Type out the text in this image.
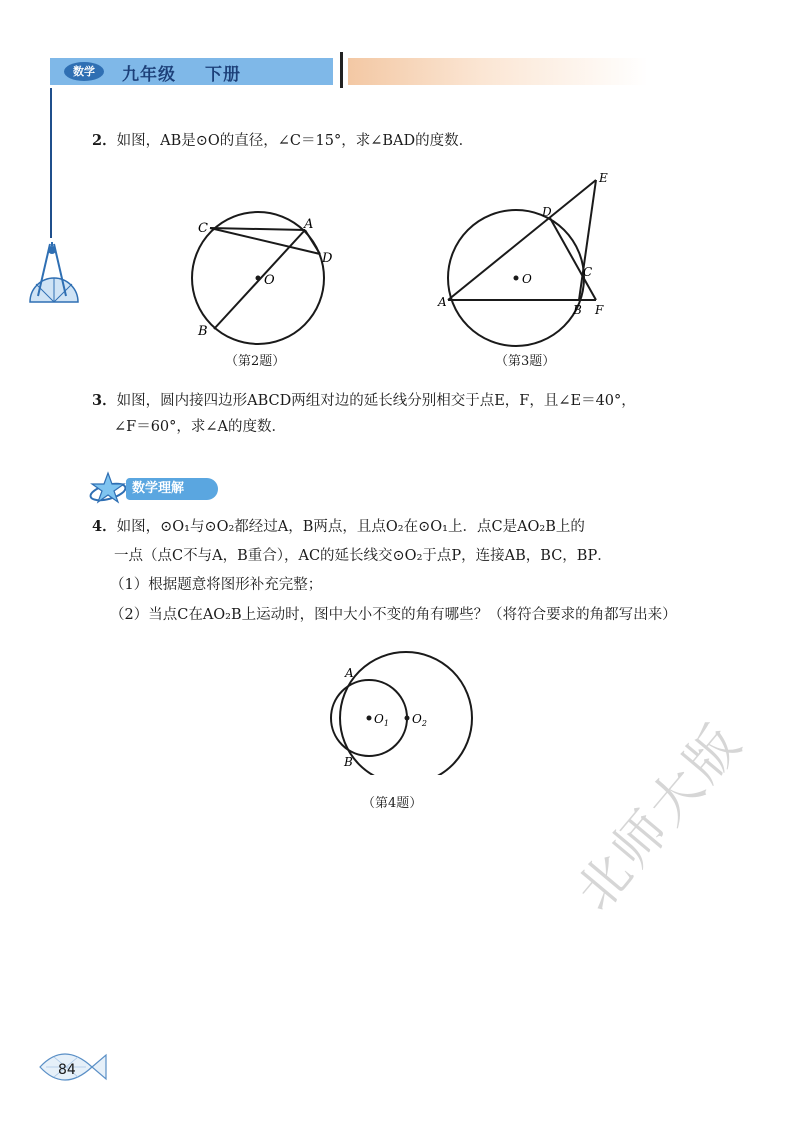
数学	九年级 下册
2．如图，AB是⊙O的直径，∠C＝15°，求∠BAD的度数．
C	A
D
O
B
（第2题）
E
D
O	C
A
B F
（第3题）
3．如图，圆内接四边形ABCD两组对边的延长线分别相交于点E，F，且∠E＝40°，
∠F＝60°，求∠A的度数．
数学理解
4．如图，⊙O₁与⊙O₂都经过A，B两点，且点O₂在⊙O₁上．点C是AO₂B上的
一点（点C不与A，B重合），AC的延长线交⊙O₂于点P，连接AB，BC，BP．
（1）根据题意将图形补充完整；
（2）当点C在AO₂B上运动时，图中大小不变的角有哪些？（将符合要求的角都写出来）
A
B
$O_1$ $O_2$
（第4题）	北师大版
84
